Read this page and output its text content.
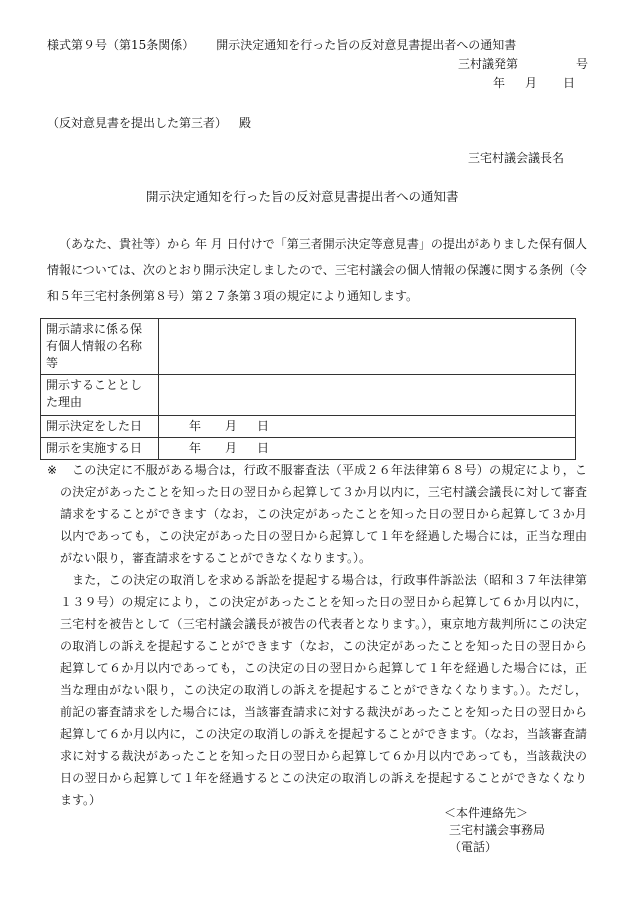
様式第９号（第15条関係） 開示決定通知を行った旨の反対意見書提出者への通知書
三村議発第	号
年 月 日
（反対意見書を提出した第三者） 殿
三宅村議会議長名
開示決定通知を行った旨の反対意見書提出者への通知書
（あなた、貴社等）から 年 月 日付けで「第三者開示決定等意見書」の提出がありました保有個人情報については、次のとおり開示決定しましたので、三宅村議会の個人情報の保護に関する条例（令和５年三宅村条例第８号）第２７条第３項の規定により通知します。
開示請求に係る保有個人情報の名称等	
開示することとした理由	
開示決定をした日	年 月 日
開示を実施する日	年 月 日
※	この決定に不服がある場合は，行政不服審査法（平成２６年法律第６８号）の規定により，この決定があったことを知った日の翌日から起算して３か月以内に，三宅村議会議長に対して審査請求をすることができます（なお，この決定があったことを知った日の翌日から起算して３か月以内であっても，この決定があった日の翌日から起算して１年を経過した場合には，正当な理由がない限り，審査請求をすることができなくなります。）。

また，この決定の取消しを求める訴訟を提起する場合は，行政事件訴訟法（昭和３７年法律第１３９号）の規定により，この決定があったことを知った日の翌日から起算して６か月以内に，三宅村を被告として（三宅村議会議長が被告の代表者となります。），東京地方裁判所にこの決定の取消しの訴えを提起することができます（なお，この決定があったことを知った日の翌日から起算して６か月以内であっても，この決定の日の翌日から起算して１年を経過した場合には，正当な理由がない限り，この決定の取消しの訴えを提起することができなくなります。）。ただし，前記の審査請求をした場合には，当該審査請求に対する裁決があったことを知った日の翌日から起算して６か月以内に，この決定の取消しの訴えを提起することができます。（なお，当該審査請求に対する裁決があったことを知った日の翌日から起算して６か月以内であっても，当該裁決の日の翌日から起算して１年を経過するとこの決定の取消しの訴えを提起することができなくなります。）

＜本件連絡先＞
三宅村議会事務局
（電話）
